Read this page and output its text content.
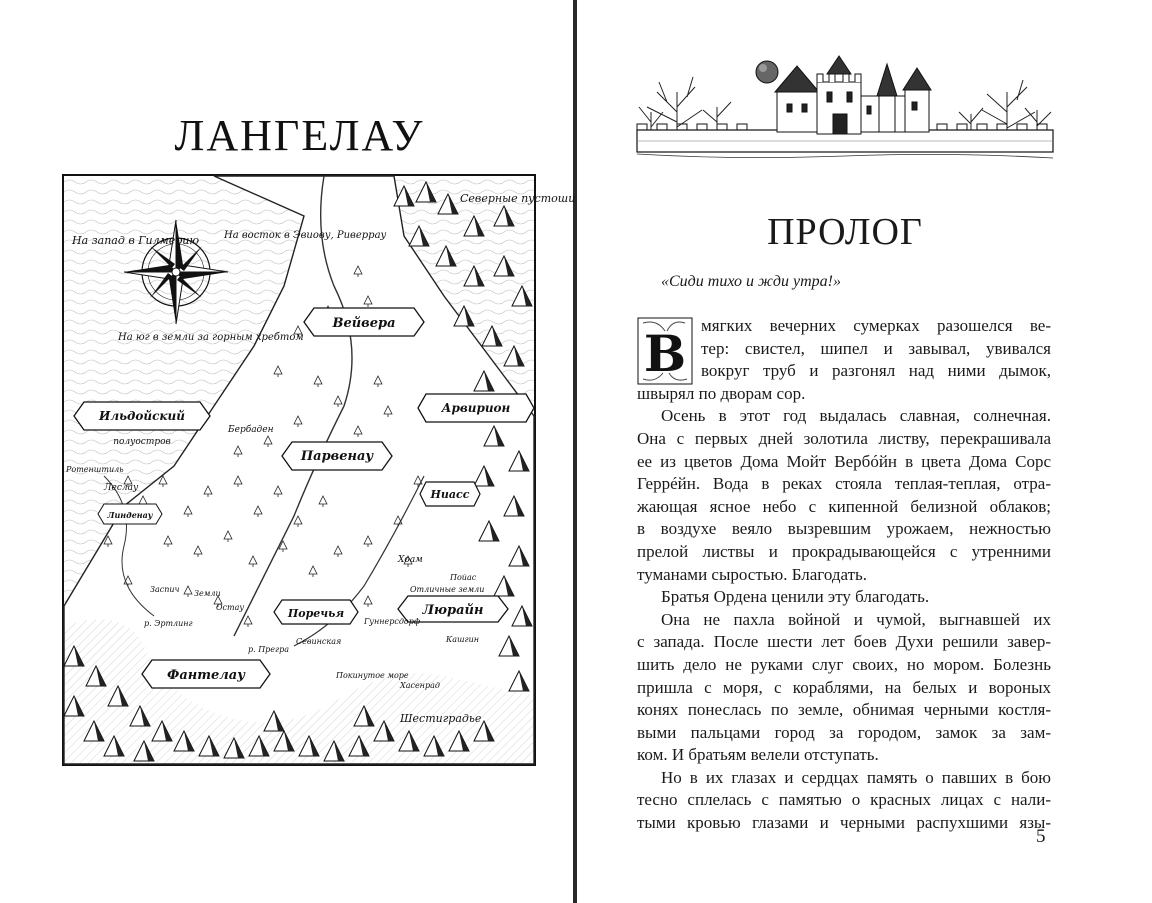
ЛАНГЕЛАУ
Северные пустоши
На запад в Гилмерию На восток в Эвиову, Риверрау
На юг в земли за горным хребтом
Вейвера
Ильдойский
полуостров
Арвирион
Парвенау
Бербаден
Ротенштиль
Леслау
Линденау
Ниасс
Хоам
Пойас
Отличные земли
Люрайн
Поречья
Гуннерсдорф
Фантелау
Заспич Земли
р. Эртлинг
Остау
р. Прегра
Севинская
Покинутое море
Хасенрад
Шестиградье
Кашгин
ПРОЛОГ
«Сиди тихо и жди утра!»
В мягких вечерних сумерках разошелся ве-

тер: свистел, шипел и завывал, увивался

вокруг труб и разгонял над ними дымок,

швырял по дворам сор.

Осень в этот год выдалась славная, солнечная.

Она с первых дней золотила листву, перекрашивала

ее из цветов Дома Мойт Вербóйн в цвета Дома Сорс

Геррéйн. Вода в реках стояла теплая-теплая, отра-

жающая ясное небо с кипенной белизной облаков;

в воздухе веяло вызревшим урожаем, нежностью

прелой листвы и прокрадывающейся с утренними

туманами сыростью. Благодать.

Братья Ордена ценили эту благодать.

Она не пахла войной и чумой, выгнавшей их

с запада. После шести лет боев Духи решили завер-

шить дело не руками слуг своих, но мором. Болезнь

пришла с моря, с кораблями, на белых и вороных

конях понеслась по земле, обнимая черными костля-

выми пальцами город за городом, замок за зам-

ком. И братьям велели отступать.

Но в их глазах и сердцах память о павших в бою

тесно сплелась с памятью о красных лицах с нали-

тыми кровью глазами и черными распухшими язы-

5
